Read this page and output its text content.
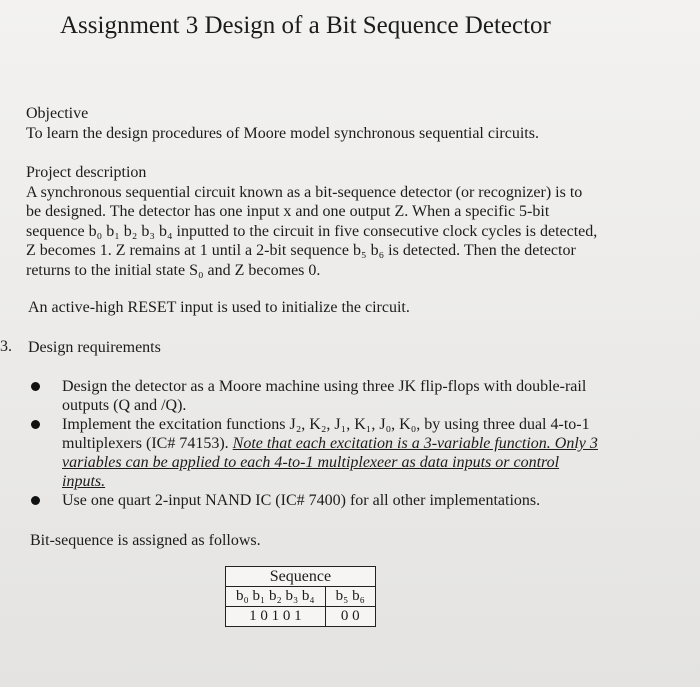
Assignment 3 Design of a Bit Sequence Detector
Objective
To learn the design procedures of Moore model synchronous sequential circuits.
Project description
A synchronous sequential circuit known as a bit-sequence detector (or recognizer) is to
be designed. The detector has one input x and one output Z. When a specific 5-bit
sequence b₀ b₁ b₂ b₃ b₄ inputted to the circuit in five consecutive clock cycles is detected,
Z becomes 1. Z remains at 1 until a 2-bit sequence b₅ b₆ is detected. Then the detector
returns to the initial state S₀ and Z becomes 0.
An active-high RESET input is used to initialize the circuit.
3. Design requirements
Design the detector as a Moore machine using three JK flip-flops with double-rail
outputs (Q and /Q).
Implement the excitation functions J₂, K₂, J₁, K₁, J₀, K₀, by using three dual 4-to-1
multiplexers (IC# 74153). Note that each excitation is a 3-variable function. Only 3
variables can be applied to each 4-to-1 multiplexeer as data inputs or control
inputs.
Use one quart 2-input NAND IC (IC# 7400) for all other implementations.
Bit-sequence is assigned as follows.
Sequence	
b₀ b₁ b₂ b₃ b₄	b₅ b₆
1 0 1 0 1	0 0
